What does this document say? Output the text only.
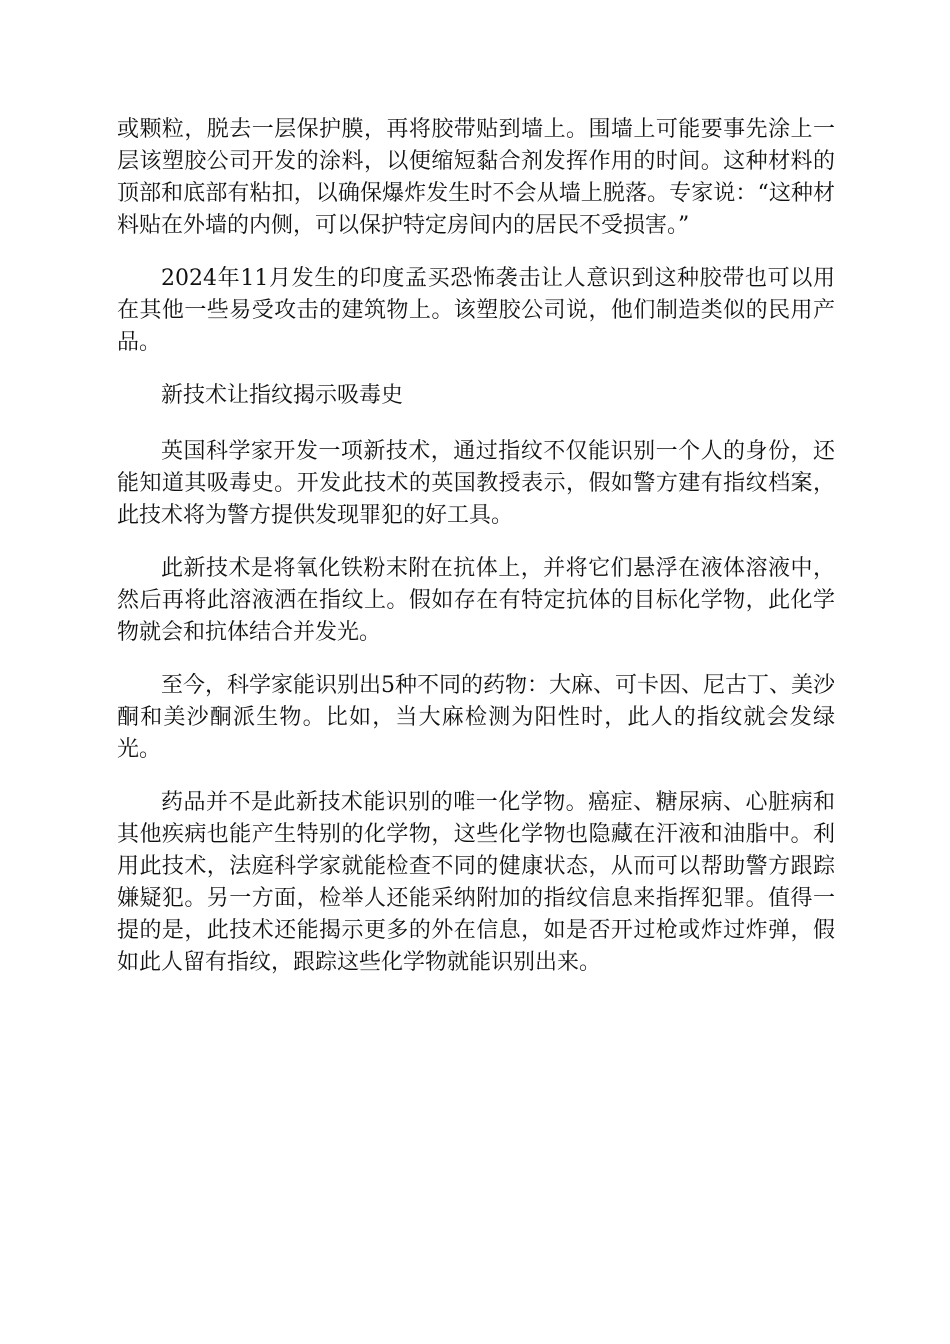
或颗粒，脱去一层保护膜，再将胶带贴到墙上。围墙上可能要事先涂上一层该塑胶公司开发的涂料，以便缩短黏合剂发挥作用的时间。这种材料的顶部和底部有粘扣，以确保爆炸发生时不会从墙上脱落。专家说：“这种材料贴在外墙的内侧，可以保护特定房间内的居民不受损害。”

2024年11月发生的印度孟买恐怖袭击让人意识到这种胶带也可以用在其他一些易受攻击的建筑物上。该塑胶公司说，他们制造类似的民用产品。

新技术让指纹揭示吸毒史

英国科学家开发一项新技术，通过指纹不仅能识别一个人的身份，还能知道其吸毒史。开发此技术的英国教授表示，假如警方建有指纹档案，此技术将为警方提供发现罪犯的好工具。

此新技术是将氧化铁粉末附在抗体上，并将它们悬浮在液体溶液中，然后再将此溶液洒在指纹上。假如存在有特定抗体的目标化学物，此化学物就会和抗体结合并发光。

至今，科学家能识别出5种不同的药物：大麻、可卡因、尼古丁、美沙酮和美沙酮派生物。比如，当大麻检测为阳性时，此人的指纹就会发绿光。

药品并不是此新技术能识别的唯一化学物。癌症、糖尿病、心脏病和其他疾病也能产生特别的化学物，这些化学物也隐藏在汗液和油脂中。利用此技术，法庭科学家就能检查不同的健康状态，从而可以帮助警方跟踪嫌疑犯。另一方面，检举人还能采纳附加的指纹信息来指挥犯罪。值得一提的是，此技术还能揭示更多的外在信息，如是否开过枪或炸过炸弹，假如此人留有指纹，跟踪这些化学物就能识别出来。
